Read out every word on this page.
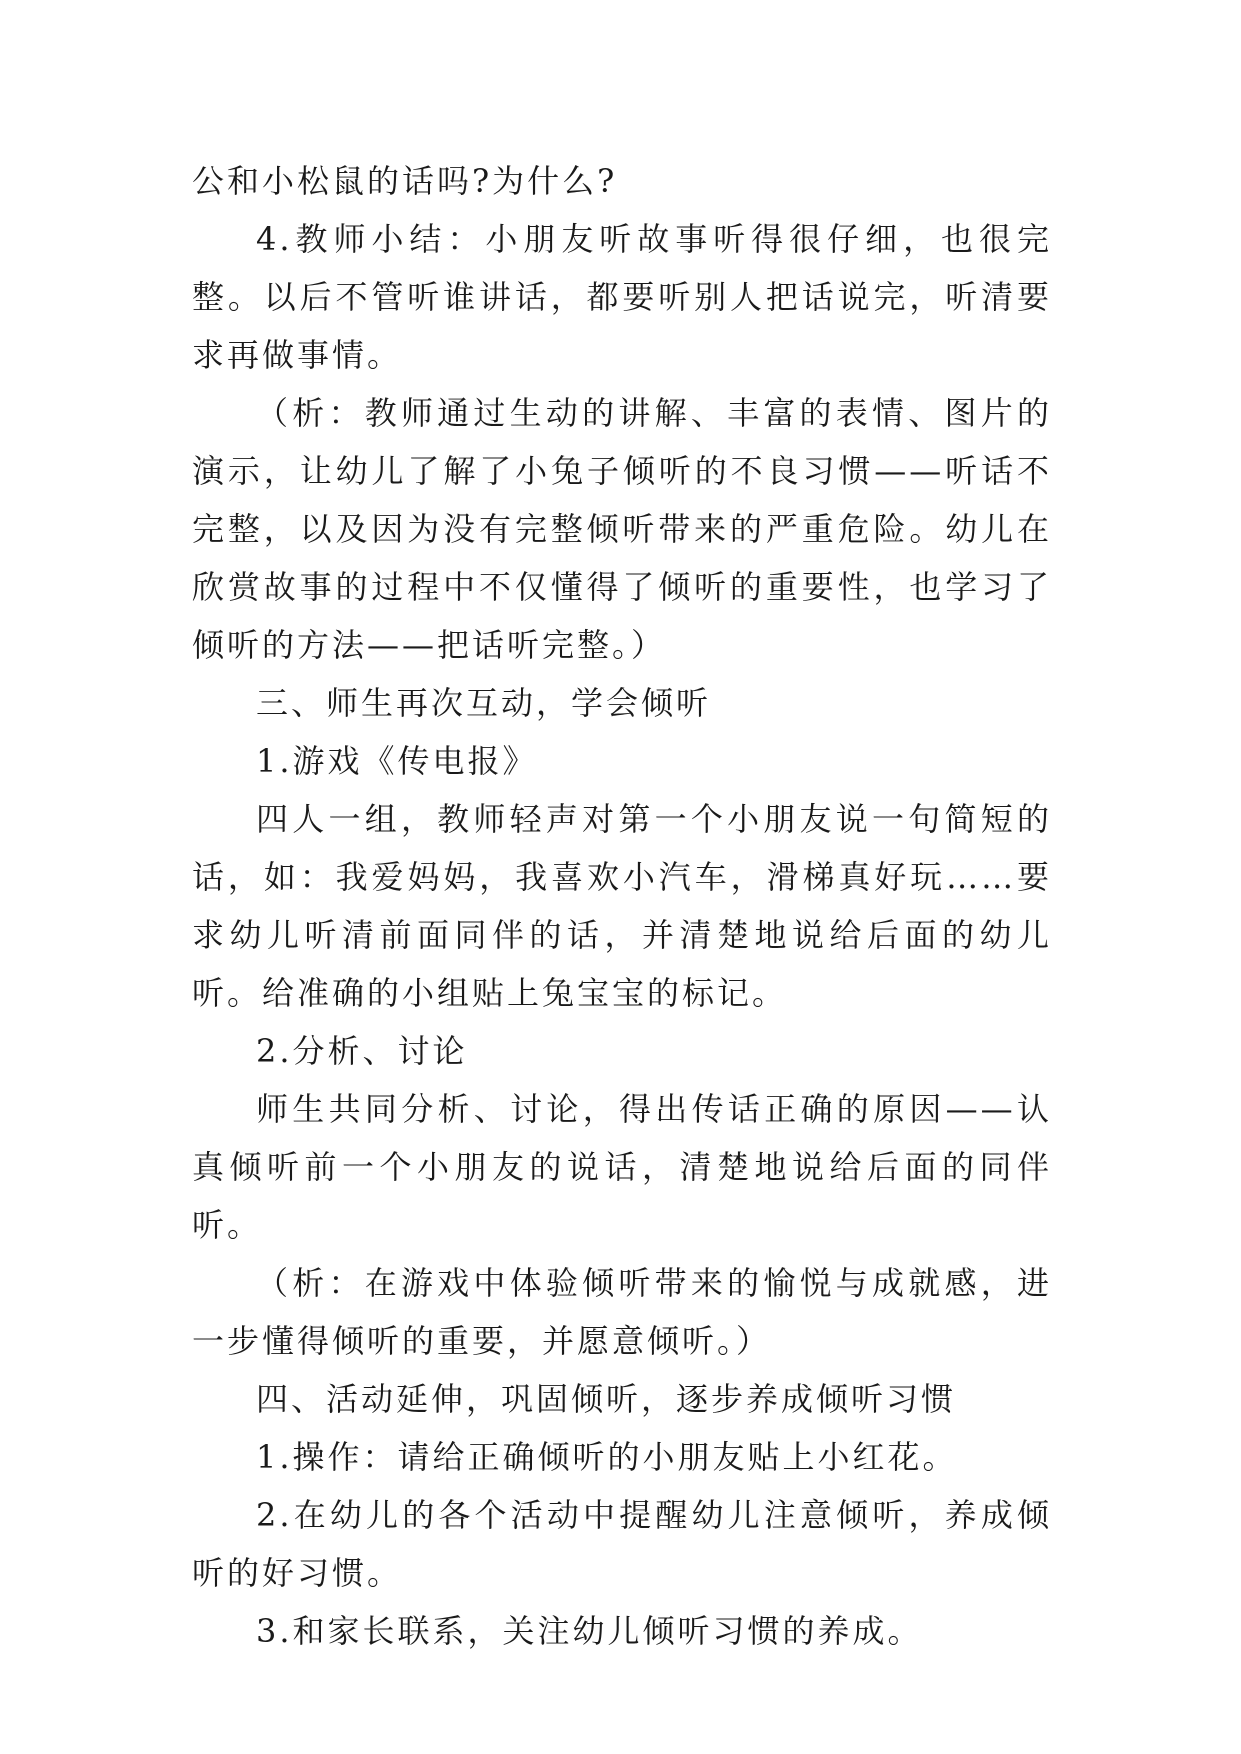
公和小松鼠的话吗?为什么?

4.教师小结：小朋友听故事听得很仔细，也很完整。以后不管听谁讲话，都要听别人把话说完，听清要求再做事情。

（析：教师通过生动的讲解、丰富的表情、图片的演示，让幼儿了解了小兔子倾听的不良习惯——听话不完整，以及因为没有完整倾听带来的严重危险。幼儿在欣赏故事的过程中不仅懂得了倾听的重要性，也学习了倾听的方法——把话听完整。）

三、师生再次互动，学会倾听

1.游戏《传电报》

四人一组，教师轻声对第一个小朋友说一句简短的话，如：我爱妈妈，我喜欢小汽车，滑梯真好玩……要求幼儿听清前面同伴的话，并清楚地说给后面的幼儿听。给准确的小组贴上兔宝宝的标记。

2.分析、讨论

师生共同分析、讨论，得出传话正确的原因——认真倾听前一个小朋友的说话，清楚地说给后面的同伴听。

（析：在游戏中体验倾听带来的愉悦与成就感，进一步懂得倾听的重要，并愿意倾听。）

四、活动延伸，巩固倾听，逐步养成倾听习惯

1.操作：请给正确倾听的小朋友贴上小红花。

2.在幼儿的各个活动中提醒幼儿注意倾听，养成倾听的好习惯。

3.和家长联系，关注幼儿倾听习惯的养成。
